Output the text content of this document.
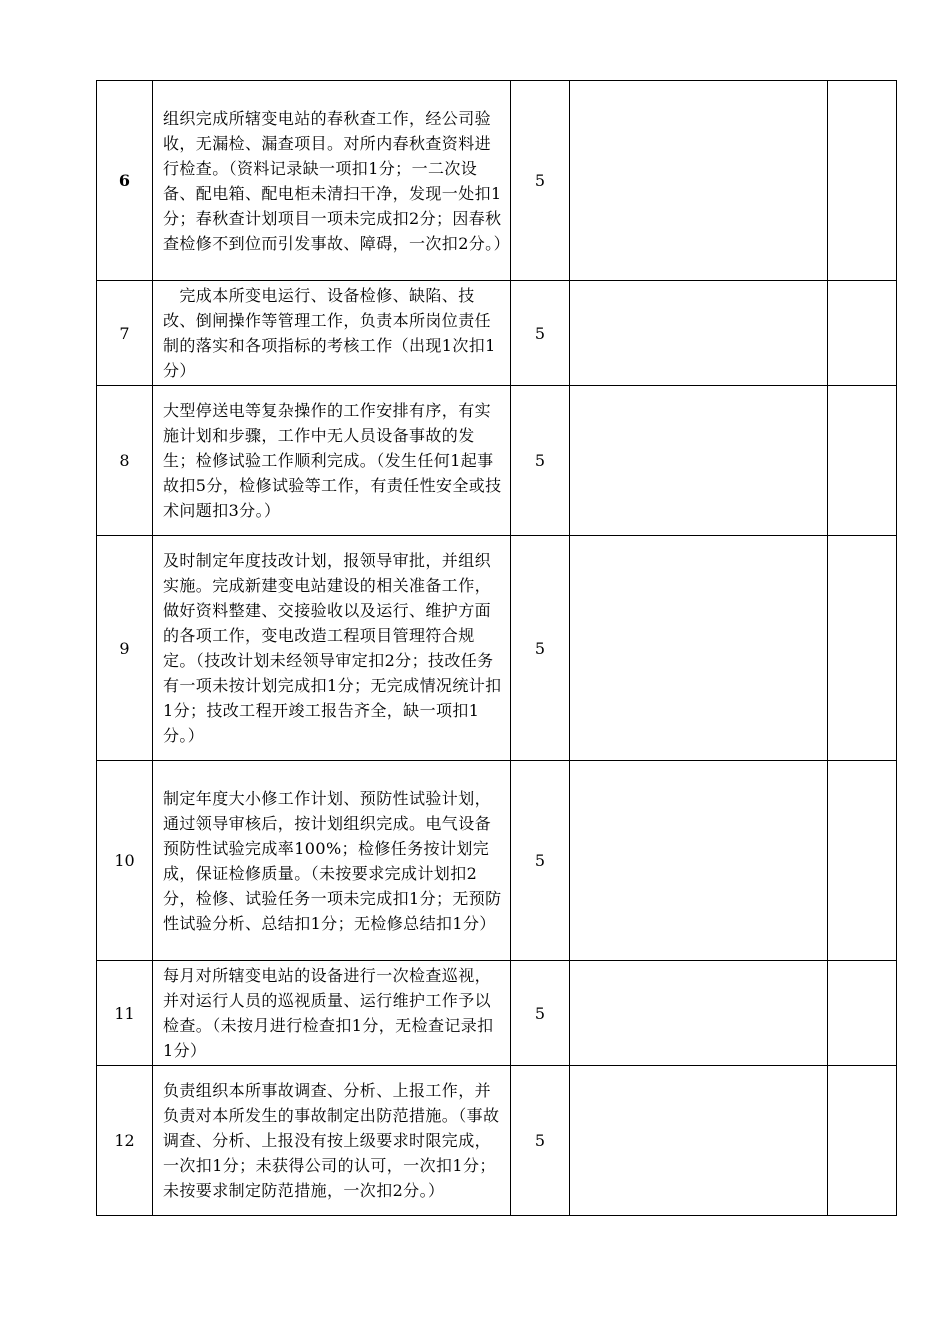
6	组织完成所辖变电站的春秋查工作，经公司验收，无漏检、漏查项目。对所内春秋查资料进行检查。（资料记录缺一项扣1分；一二次设备、配电箱、配电柜未清扫干净，发现一处扣1分；春秋查计划项目一项未完成扣2分；因春秋查检修不到位而引发事故、障碍，一次扣2分。）	5		
7	　完成本所变电运行、设备检修、缺陷、技改、倒闸操作等管理工作，负责本所岗位责任制的落实和各项指标的考核工作（出现1次扣1分）	5		
8	大型停送电等复杂操作的工作安排有序，有实施计划和步骤，工作中无人员设备事故的发生；检修试验工作顺利完成。（发生任何1起事故扣5分，检修试验等工作，有责任性安全或技术问题扣3分。）	5		
9	及时制定年度技改计划，报领导审批，并组织实施。完成新建变电站建设的相关准备工作，做好资料整建、交接验收以及运行、维护方面的各项工作，变电改造工程项目管理符合规定。（技改计划未经领导审定扣2分；技改任务有一项未按计划完成扣1分；无完成情况统计扣1分；技改工程开竣工报告齐全，缺一项扣1分。）	5		
10	制定年度大小修工作计划、预防性试验计划，通过领导审核后，按计划组织完成。电气设备预防性试验完成率100%；检修任务按计划完成，保证检修质量。（未按要求完成计划扣2分，检修、试验任务一项未完成扣1分；无预防性试验分析、总结扣1分；无检修总结扣1分）	5		
11	每月对所辖变电站的设备进行一次检查巡视，并对运行人员的巡视质量、运行维护工作予以检查。（未按月进行检查扣1分，无检查记录扣1分）	5		
12	负责组织本所事故调查、分析、上报工作，并负责对本所发生的事故制定出防范措施。（事故调查、分析、上报没有按上级要求时限完成，一次扣1分；未获得公司的认可，一次扣1分；未按要求制定防范措施，一次扣2分。）	5		
